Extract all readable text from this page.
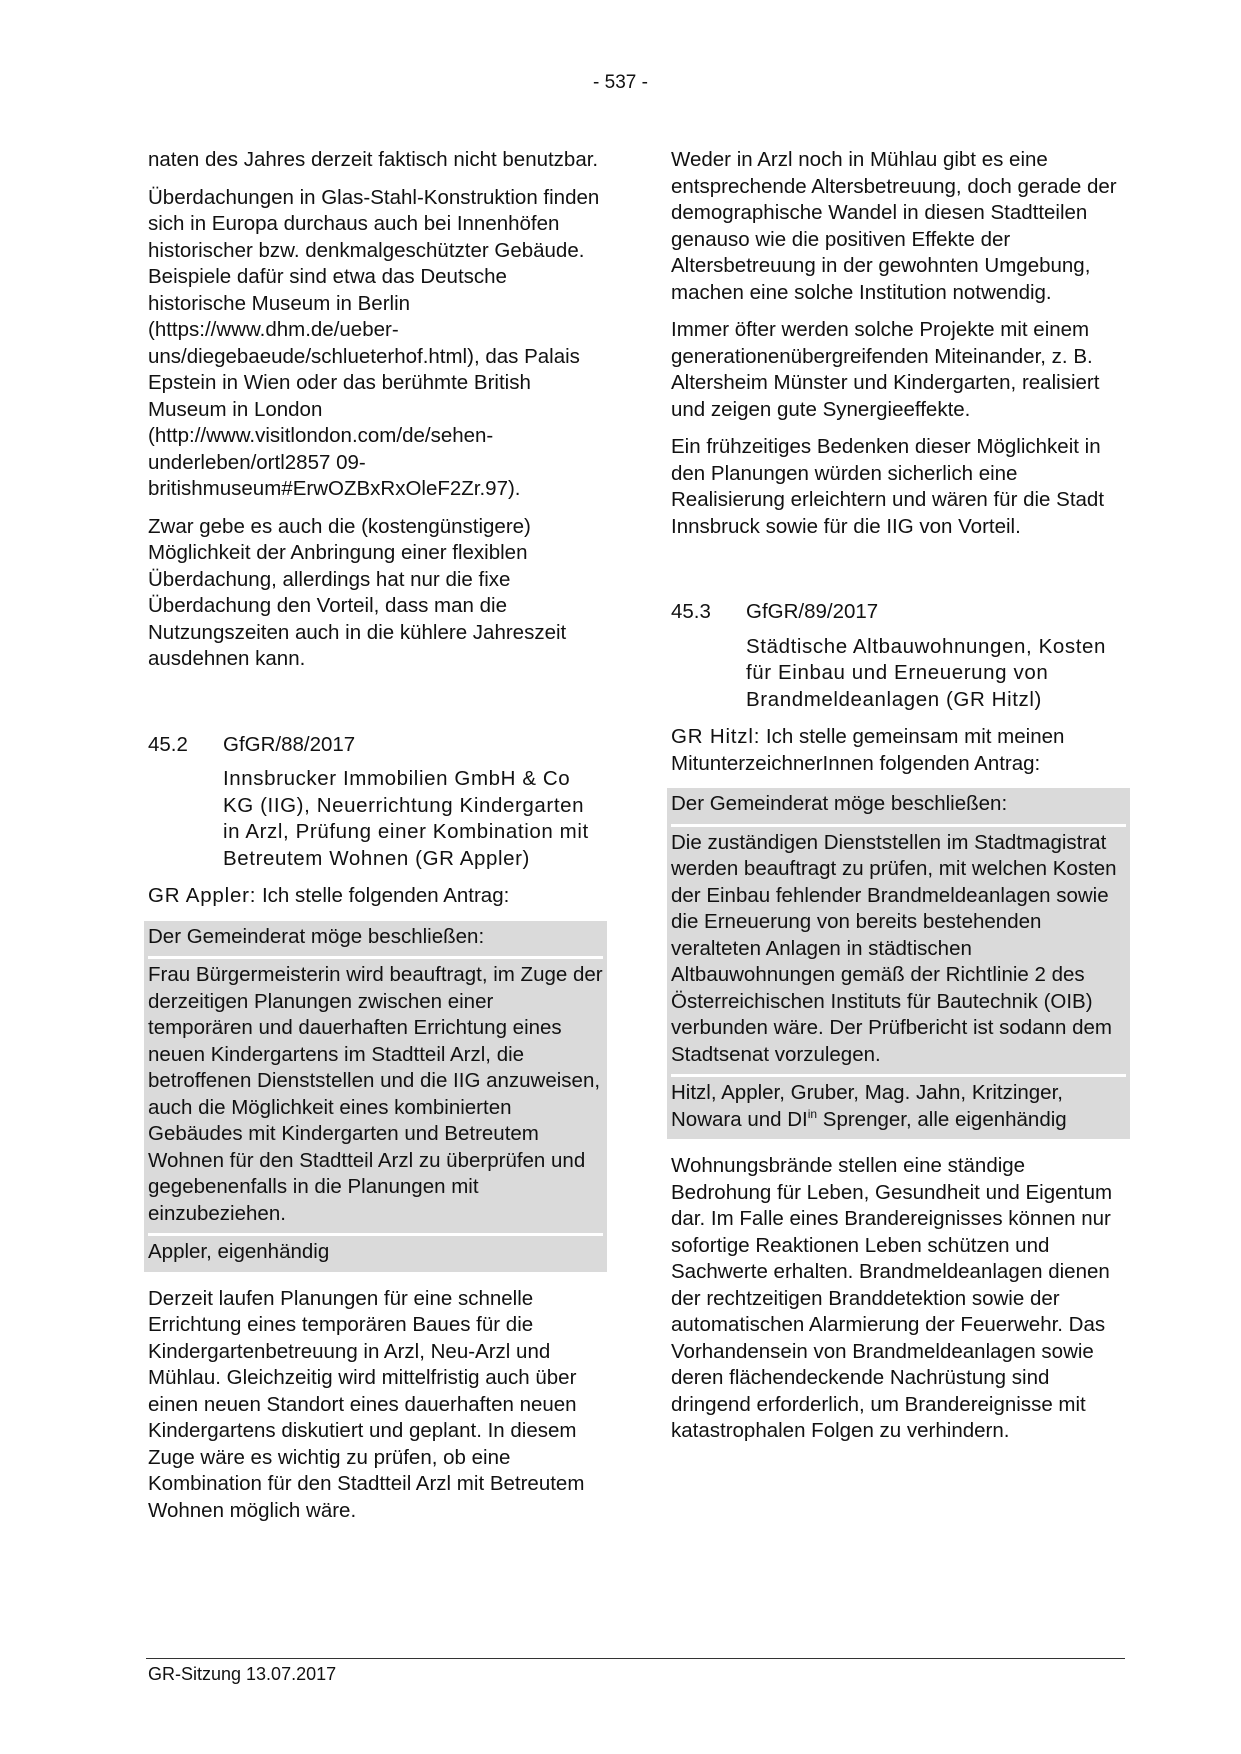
- 537 -

naten des Jahres derzeit faktisch nicht benutzbar.

Überdachungen in Glas-Stahl-Konstruktion finden sich in Europa durchaus auch bei Innenhöfen historischer bzw. denkmalgeschützter Gebäude. Beispiele dafür sind etwa das Deutsche historische Museum in Berlin (https://www.dhm.de/ueber-uns/diegebaeude/schlueterhof.html), das Palais Epstein in Wien oder das berühmte British Museum in London (http://www.visitlondon.com/de/sehen-underleben/ortl2857 09-britishmuseum#ErwOZBxRxOleF2Zr.97).

Zwar gebe es auch die (kostengünstigere) Möglichkeit der Anbringung einer flexiblen Überdachung, allerdings hat nur die fixe Überdachung den Vorteil, dass man die Nutzungszeiten auch in die kühlere Jahreszeit ausdehnen kann.

45.2	GfGR/88/2017

Innsbrucker Immobilien GmbH & Co KG (IIG), Neuerrichtung Kindergarten in Arzl, Prüfung einer Kombination mit Betreutem Wohnen (GR Appler)

GR Appler: Ich stelle folgenden Antrag:

Der Gemeinderat möge beschließen:

Frau Bürgermeisterin wird beauftragt, im Zuge der derzeitigen Planungen zwischen einer temporären und dauerhaften Errichtung eines neuen Kindergartens im Stadtteil Arzl, die betroffenen Dienststellen und die IIG anzuweisen, auch die Möglichkeit eines kombinierten Gebäudes mit Kindergarten und Betreutem Wohnen für den Stadtteil Arzl zu überprüfen und gegebenenfalls in die Planungen mit einzubeziehen.

Appler, eigenhändig

Derzeit laufen Planungen für eine schnelle Errichtung eines temporären Baues für die Kindergartenbetreuung in Arzl, Neu-Arzl und Mühlau. Gleichzeitig wird mittelfristig auch über einen neuen Standort eines dauerhaften neuen Kindergartens diskutiert und geplant. In diesem Zuge wäre es wichtig zu prüfen, ob eine Kombination für den Stadtteil Arzl mit Betreutem Wohnen möglich wäre.

Weder in Arzl noch in Mühlau gibt es eine entsprechende Altersbetreuung, doch gerade der demographische Wandel in diesen Stadtteilen genauso wie die positiven Effekte der Altersbetreuung in der gewohnten Umgebung, machen eine solche Institution notwendig.

Immer öfter werden solche Projekte mit einem generationenübergreifenden Miteinander, z. B. Altersheim Münster und Kindergarten, realisiert und zeigen gute Synergieeffekte.

Ein frühzeitiges Bedenken dieser Möglichkeit in den Planungen würden sicherlich eine Realisierung erleichtern und wären für die Stadt Innsbruck sowie für die IIG von Vorteil.

45.3	GfGR/89/2017

Städtische Altbauwohnungen, Kosten für Einbau und Erneuerung von Brandmeldeanlagen (GR Hitzl)

GR Hitzl: Ich stelle gemeinsam mit meinen MitunterzeichnerInnen folgenden Antrag:

Der Gemeinderat möge beschließen:

Die zuständigen Dienststellen im Stadtmagistrat werden beauftragt zu prüfen, mit welchen Kosten der Einbau fehlender Brandmeldeanlagen sowie die Erneuerung von bereits bestehenden veralteten Anlagen in städtischen Altbauwohnungen gemäß der Richtlinie 2 des Österreichischen Instituts für Bautechnik (OIB) verbunden wäre. Der Prüfbericht ist sodann dem Stadtsenat vorzulegen.

Hitzl, Appler, Gruber, Mag. Jahn, Kritzinger, Nowara und $DI^{in}$ Sprenger, alle eigenhändig

Wohnungsbrände stellen eine ständige Bedrohung für Leben, Gesundheit und Eigentum dar. Im Falle eines Brandereignisses können nur sofortige Reaktionen Leben schützen und Sachwerte erhalten. Brandmeldeanlagen dienen der rechtzeitigen Branddetektion sowie der automatischen Alarmierung der Feuerwehr. Das Vorhandensein von Brandmeldeanlagen sowie deren flächendeckende Nachrüstung sind dringend erforderlich, um Brandereignisse mit katastrophalen Folgen zu verhindern.

GR-Sitzung 13.07.2017
